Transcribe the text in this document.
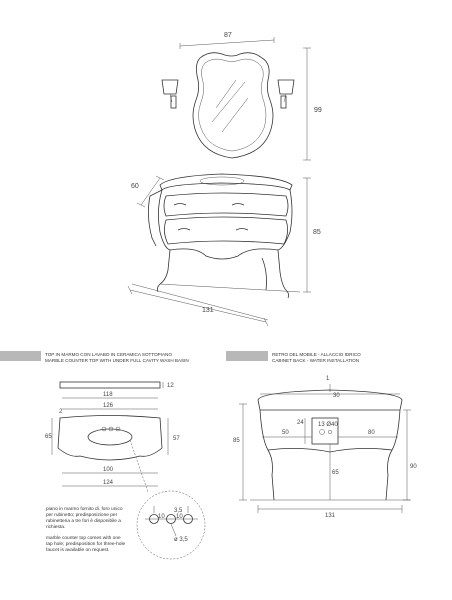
87
99
60
85
131
TOP IN MARMO CON LAVABO IN CERAMICA SOTTOPIANO
MARBLE COUNTER TOP WITH UNDER FULL CAVITY WASH BASIN
12
118
126
2
65	57
100
124
piano in marmo fornito di. foro unico
per rubinetto; predisposizione per
rubinetteria a tre fori è disponibile a
richiesta.
marble counter top comes with one
tap hole; predisposition for three-hole
faucet is available on request.
10 10
3,5
ø 3,5
RETRO DEL MOBILE - ALLACCIO IDRICO
CABINET BACK - WATER INSTALLATION
1
30
13 Ø40
24
50	80
65
85
90
131
